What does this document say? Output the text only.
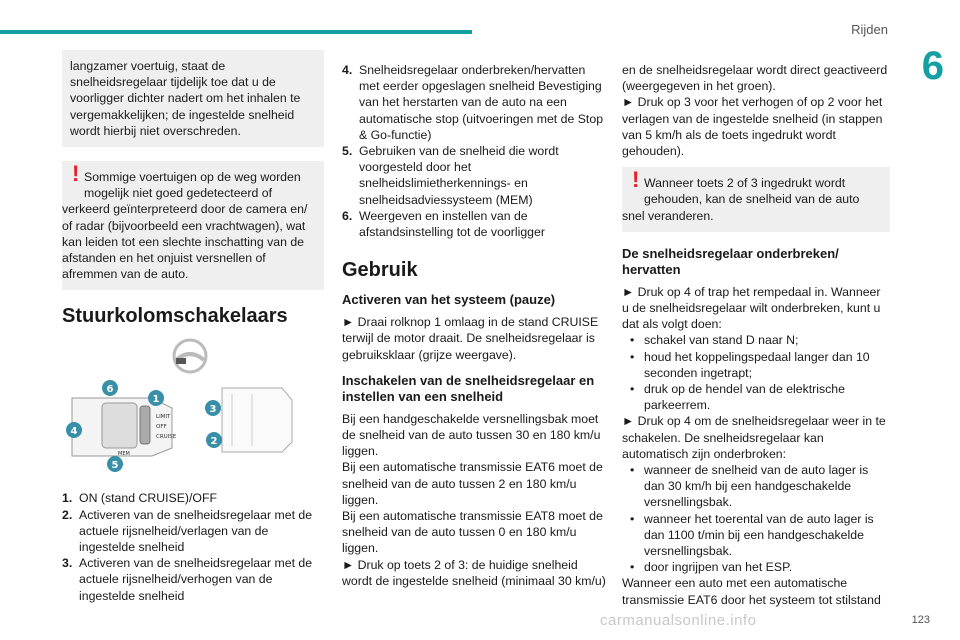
Rijden
6
123
langzamer voertuig, staat de snelheidsregelaar tijdelijk toe dat u de voorligger dichter nadert om het inhalen te vergemakkelijken; de ingestelde snelheid wordt hierbij niet overschreden.
! Sommige voertuigen op de weg worden mogelijk niet goed gedetecteerd of
verkeerd geïnterpreteerd door de camera en/ of radar (bijvoorbeeld een vrachtwagen), wat kan leiden tot een slechte inschatting van de afstanden en het onjuist versnellen of afremmen van de auto.
Stuurkolomschakelaars
LIMIT
OFF
CRUISE
MEM
1
2
3
4
5
6
1. ON (stand CRUISE)/OFF
2. Activeren van de snelheidsregelaar met de actuele rijsnelheid/verlagen van de ingestelde snelheid
3. Activeren van de snelheidsregelaar met de actuele rijsnelheid/verhogen van de ingestelde snelheid
4. Snelheidsregelaar onderbreken/hervatten met eerder opgeslagen snelheid Bevestiging van het herstarten van de auto na een automatische stop (uitvoeringen met de Stop & Go-functie)
5. Gebruiken van de snelheid die wordt voorgesteld door het snelheidslimietherkennings- en snelheidsadviessysteem (MEM)
6. Weergeven en instellen van de afstandsinstelling tot de voorligger
Gebruik
Activeren van het systeem (pauze)

► Draai rolknop 1 omlaag in de stand CRUISE terwijl de motor draait. De snelheidsregelaar is gebruiksklaar (grijze weergave).

Inschakelen van de snelheidsregelaar en instellen van een snelheid

Bij een handgeschakelde versnellingsbak moet de snelheid van de auto tussen 30 en 180 km/u liggen.

Bij een automatische transmissie EAT6 moet de snelheid van de auto tussen 2 en 180 km/u liggen.

Bij een automatische transmissie EAT8 moet de snelheid van de auto tussen 0 en 180 km/u liggen.

► Druk op toets 2 of 3: de huidige snelheid wordt de ingestelde snelheid (minimaal 30 km/u)

en de snelheidsregelaar wordt direct geactiveerd (weergegeven in het groen).

► Druk op 3 voor het verhogen of op 2 voor het verlagen van de ingestelde snelheid (in stappen van 5 km/h als de toets ingedrukt wordt gehouden).

! Wanneer toets 2 of 3 ingedrukt wordt gehouden, kan de snelheid van de auto
snel veranderen.
De snelheidsregelaar onderbreken/ hervatten

► Druk op 4 of trap het rempedaal in. Wanneer u de snelheidsregelaar wilt onderbreken, kunt u dat als volgt doen:

• schakel van stand D naar N;
• houd het koppelingspedaal langer dan 10 seconden ingetrapt;
• druk op de hendel van de elektrische parkeerrem.

► Druk op 4 om de snelheidsregelaar weer in te schakelen. De snelheidsregelaar kan automatisch zijn onderbroken:

• wanneer de snelheid van de auto lager is dan 30 km/h bij een handgeschakelde versnellingsbak.
• wanneer het toerental van de auto lager is dan 1100 t/min bij een handgeschakelde versnellingsbak.
• door ingrijpen van het ESP.

Wanneer een auto met een automatische transmissie EAT6 door het systeem tot stilstand

carmanualsonline.info
